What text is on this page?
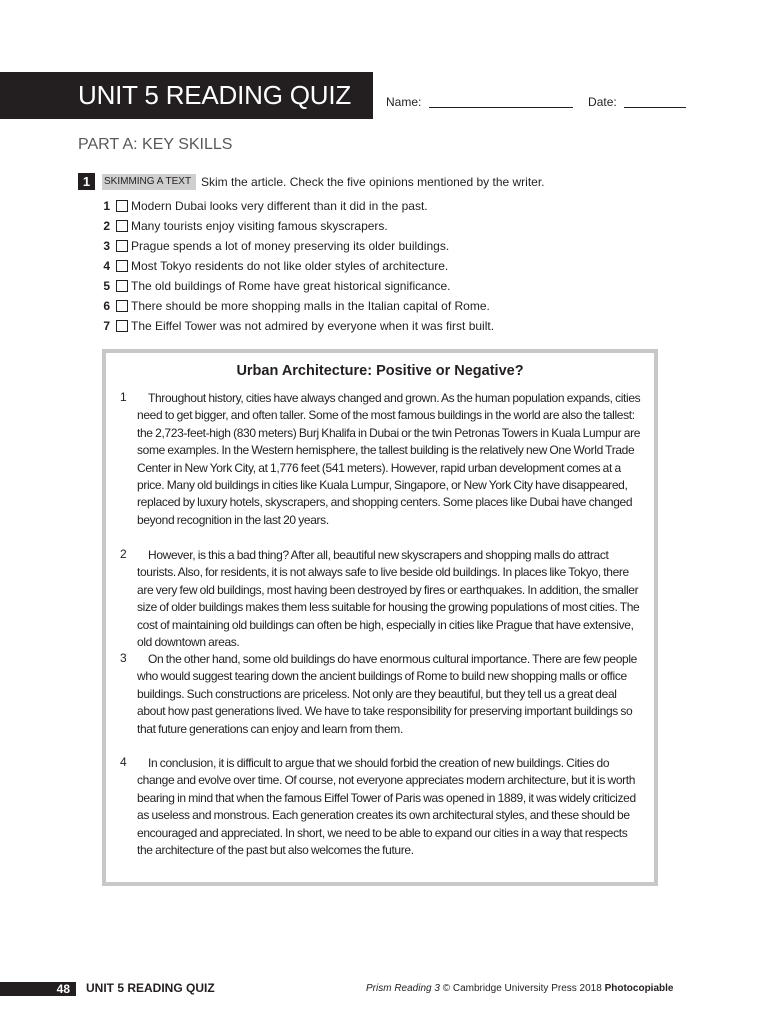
UNIT 5 READING QUIZ	Name:	Date:
PART A: KEY SKILLS
1	SKIMMING A TEXT Skim the article. Check the five opinions mentioned by the writer.
1 Modern Dubai looks very different than it did in the past.
2 Many tourists enjoy visiting famous skyscrapers.
3 Prague spends a lot of money preserving its older buildings.
4 Most Tokyo residents do not like older styles of architecture.
5 The old buildings of Rome have great historical significance.
6 There should be more shopping malls in the Italian capital of Rome.
7 The Eiffel Tower was not admired by everyone when it was first built.
Urban Architecture: Positive or Negative?
1	Throughout history, cities have always changed and grown. As the human population expands, cities need to get bigger, and often taller. Some of the most famous buildings in the world are also the tallest: the 2,723-feet-high (830 meters) Burj Khalifa in Dubai or the twin Petronas Towers in Kuala Lumpur are some examples. In the Western hemisphere, the tallest building is the relatively new One World Trade Center in New York City, at 1,776 feet (541 meters). However, rapid urban development comes at a price. Many old buildings in cities like Kuala Lumpur, Singapore, or New York City have disappeared, replaced by luxury hotels, skyscrapers, and shopping centers. Some places like Dubai have changed beyond recognition in the last 20 years.
2	However, is this a bad thing? After all, beautiful new skyscrapers and shopping malls do attract tourists. Also, for residents, it is not always safe to live beside old buildings. In places like Tokyo, there are very few old buildings, most having been destroyed by fires or earthquakes. In addition, the smaller size of older buildings makes them less suitable for housing the growing populations of most cities. The cost of maintaining old buildings can often be high, especially in cities like Prague that have extensive, old downtown areas.
3	On the other hand, some old buildings do have enormous cultural importance. There are few people who would suggest tearing down the ancient buildings of Rome to build new shopping malls or office buildings. Such constructions are priceless. Not only are they beautiful, but they tell us a great deal about how past generations lived. We have to take responsibility for preserving important buildings so that future generations can enjoy and learn from them.
4	In conclusion, it is difficult to argue that we should forbid the creation of new buildings. Cities do change and evolve over time. Of course, not everyone appreciates modern architecture, but it is worth bearing in mind that when the famous Eiffel Tower of Paris was opened in 1889, it was widely criticized as useless and monstrous. Each generation creates its own architectural styles, and these should be encouraged and appreciated. In short, we need to be able to expand our cities in a way that respects the architecture of the past but also welcomes the future.
48 UNIT 5 READING QUIZ	Prism Reading 3 © Cambridge University Press 2018 Photocopiable
